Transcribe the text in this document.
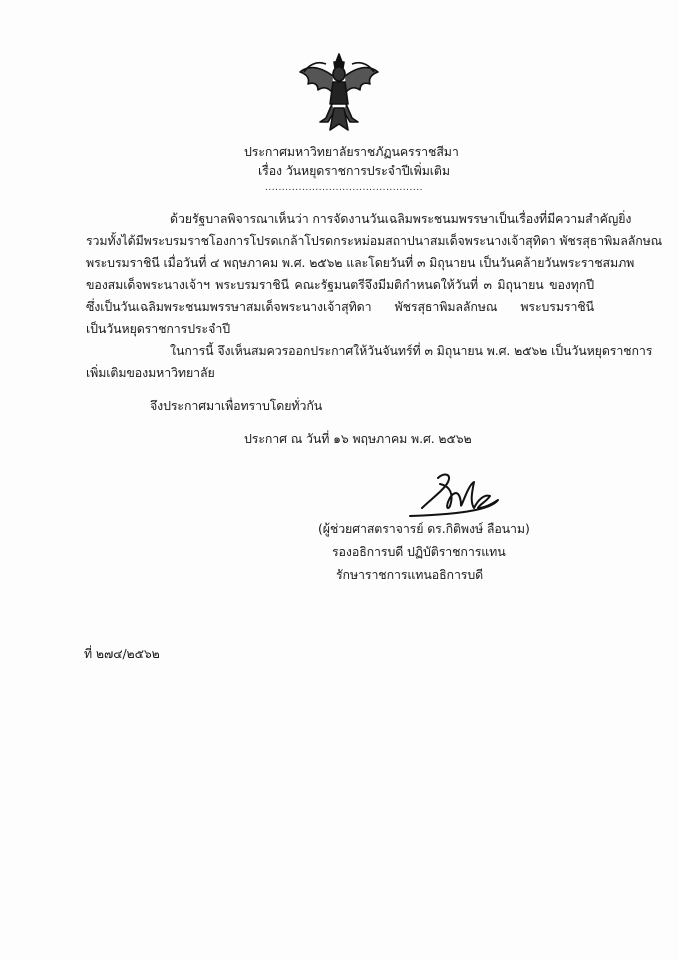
ประกาศมหาวิทยาลัยราชภัฏนครราชสีมา
เรื่อง วันหยุดราชการประจำปีเพิ่มเติม
...............................................
ด้วยรัฐบาลพิจารณาเห็นว่า การจัดงานวันเฉลิมพระชนมพรรษาเป็นเรื่องที่มีความสำคัญยิ่ง
รวมทั้งได้มีพระบรมราชโองการโปรดเกล้าโปรดกระหม่อมสถาปนาสมเด็จพระนางเจ้าสุทิดา พัชรสุธาพิมลลักษณ
พระบรมราชินี เมื่อวันที่ ๔ พฤษภาคม พ.ศ. ๒๕๖๒ และโดยวันที่ ๓ มิถุนายน เป็นวันคล้ายวันพระราชสมภพ
ของสมเด็จพระนางเจ้าฯ พระบรมราชินี คณะรัฐมนตรีจึงมีมติกำหนดให้วันที่ ๓ มิถุนายน ของทุกปี
ซึ่งเป็นวันเฉลิมพระชนมพรรษาสมเด็จพระนางเจ้าสุทิดา พัชรสุธาพิมลลักษณ พระบรมราชินี
เป็นวันหยุดราชการประจำปี
ในการนี้ จึงเห็นสมควรออกประกาศให้วันจันทร์ที่ ๓ มิถุนายน พ.ศ. ๒๕๖๒ เป็นวันหยุดราชการ
เพิ่มเติมของมหาวิทยาลัย
จึงประกาศมาเพื่อทราบโดยทั่วกัน
ประกาศ ณ วันที่ ๑๖ พฤษภาคม พ.ศ. ๒๕๖๒
(ผู้ช่วยศาสตราจารย์ ดร.กิติพงษ์ ลือนาม)
รองอธิการบดี ปฏิบัติราชการแทน
รักษาราชการแทนอธิการบดี
ที่ ๒๗๔/๒๕๖๒
